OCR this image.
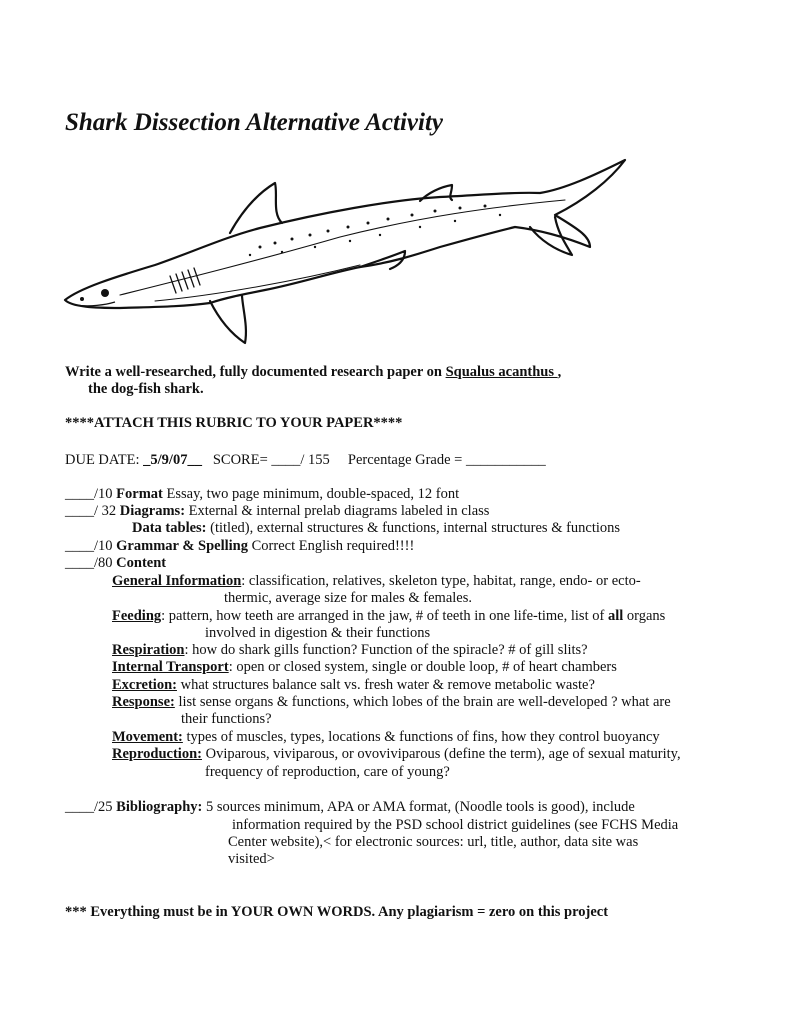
Shark Dissection Alternative Activity
Write a well-researched, fully documented research paper on Squalus acanthus ,
the dog-fish shark.
****ATTACH THIS RUBRIC TO YOUR PAPER****
DUE DATE: _5/9/07__ SCORE= ____/ 155 Percentage Grade = ___________
____/10 Format Essay, two page minimum, double-spaced, 12 font
____/ 32 Diagrams: External & internal prelab diagrams labeled in class
Data tables: (titled), external structures & functions, internal structures & functions
____/10 Grammar & Spelling Correct English required!!!!
____/80 Content
General Information: classification, relatives, skeleton type, habitat, range, endo- or ecto-
thermic, average size for males & females.
Feeding: pattern, how teeth are arranged in the jaw, # of teeth in one life-time, list of all organs
involved in digestion & their functions
Respiration: how do shark gills function? Function of the spiracle? # of gill slits?
Internal Transport: open or closed system, single or double loop, # of heart chambers
Excretion: what structures balance salt vs. fresh water & remove metabolic waste?
Response: list sense organs & functions, which lobes of the brain are well-developed ? what are
their functions?
Movement: types of muscles, types, locations & functions of fins, how they control buoyancy
Reproduction: Oviparous, viviparous, or ovoviviparous (define the term), age of sexual maturity,
frequency of reproduction, care of young?
____/25 Bibliography: 5 sources minimum, APA or AMA format, (Noodle tools is good), include
information required by the PSD school district guidelines (see FCHS Media
Center website),< for electronic sources: url, title, author, data site was
visited>
*** Everything must be in YOUR OWN WORDS. Any plagiarism = zero on this project
